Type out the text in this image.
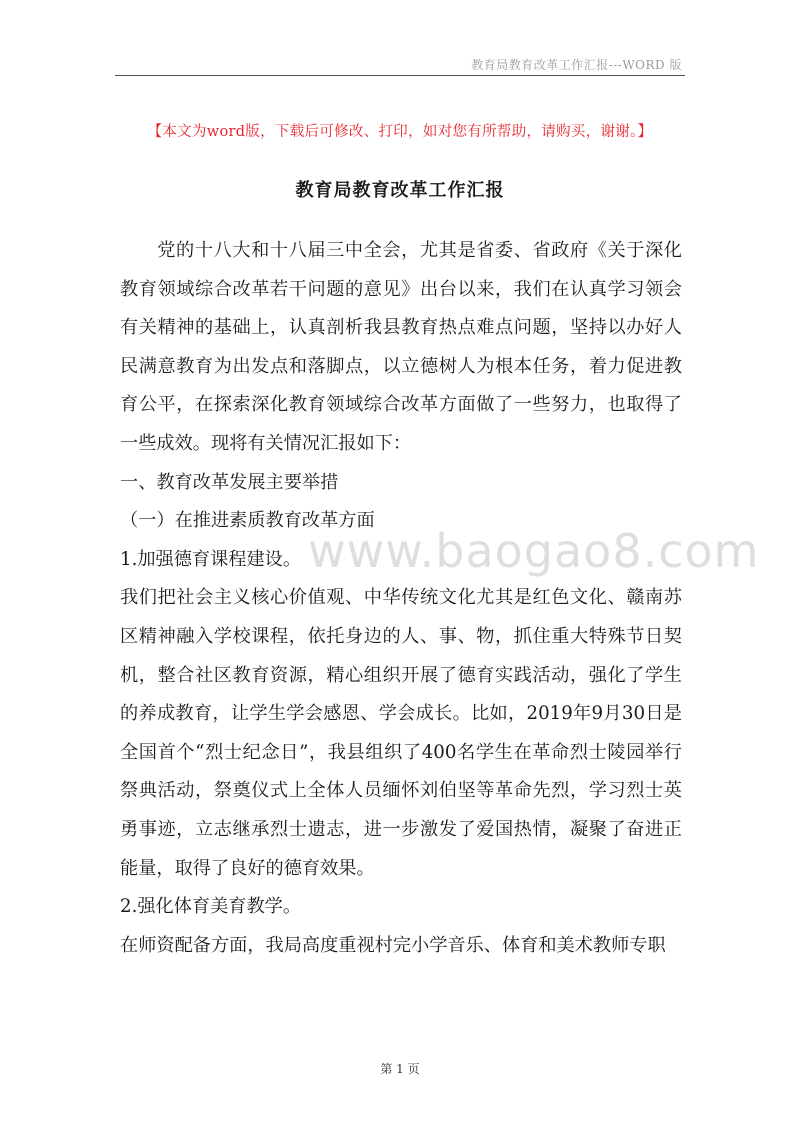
教育局教育改革工作汇报---WORD 版
【本文为word版，下载后可修改、打印，如对您有所帮助，请购买，谢谢。】
教育局教育改革工作汇报

党的十八大和十八届三中全会，尤其是省委、省政府《关于深化教育领域综合改革若干问题的意见》出台以来，我们在认真学习领会有关精神的基础上，认真剖析我县教育热点难点问题，坚持以办好人民满意教育为出发点和落脚点，以立德树人为根本任务，着力促进教育公平，在探索深化教育领域综合改革方面做了一些努力，也取得了一些成效。现将有关情况汇报如下：

一、教育改革发展主要举措

（一）在推进素质教育改革方面

1.加强德育课程建设。

我们把社会主义核心价值观、中华传统文化尤其是红色文化、赣南苏区精神融入学校课程，依托身边的人、事、物，抓住重大特殊节日契机，整合社区教育资源，精心组织开展了德育实践活动，强化了学生的养成教育，让学生学会感恩、学会成长。比如，2019年9月30日是全国首个“烈士纪念日”，我县组织了400名学生在革命烈士陵园举行祭典活动，祭奠仪式上全体人员缅怀刘伯坚等革命先烈，学习烈士英勇事迹，立志继承烈士遗志，进一步激发了爱国热情，凝聚了奋进正能量，取得了良好的德育效果。

2.强化体育美育教学。

在师资配备方面，我局高度重视村完小学音乐、体育和美术教师专职

www.baogao8.com
第 1 页
